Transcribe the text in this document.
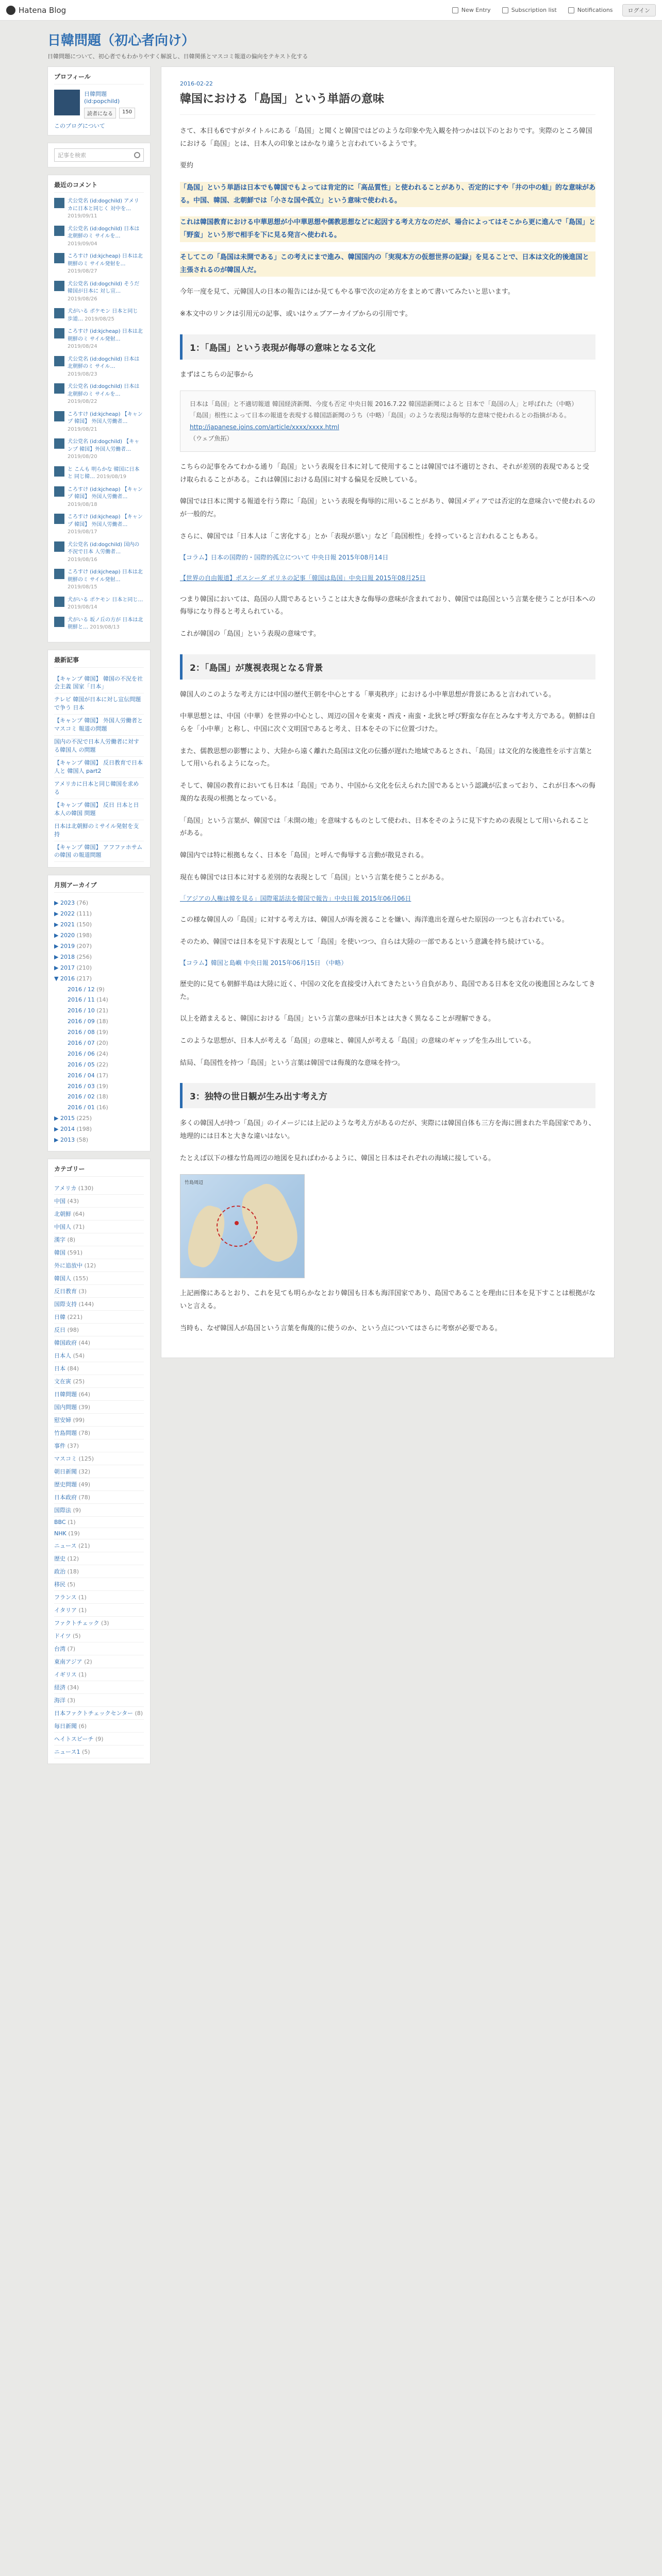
Hatena Blog	New Entry	Subscription list	Notifications	ログイン
日韓問題（初心者向け）
日韓問題について、初心者でもわかりやすく解説し、日韓関係とマスコミ報道の偏向をテキスト化する
プロフィール
日韓問題 (id:popchild)
読者になる	150
このブログについて
記事を検索
最近のコメント
犬公党名 (id:dogchild) アメリカに日本と同じく 対中を… 2019/09/11
犬公党名 (id:dogchild) 日本は北朝鮮のミ サイルを… 2019/09/04
ころすけ (id:kjcheap) 日本は北朝鮮のミ サイル発射を… 2019/08/27
犬公党名 (id:dogchild) そうだ 韓国が日本に 対し宣… 2019/08/26
犬がいる ポケモン 日本と同じ 歩道… 2019/08/25
ころすけ (id:kjcheap) 日本は北朝鮮のミ サイル発射… 2019/08/24
犬公党名 (id:dogchild) 日本は北朝鮮のミ サイル… 2019/08/23
犬公党名 (id:dogchild) 日本は北朝鮮のミ サイルを… 2019/08/22
ころすけ (id:kjcheap) 【キャンプ 韓国】 外国人労働者… 2019/08/21
犬公党名 (id:dogchild) 【キャンプ 韓国】外国人労働者… 2019/08/20
と こんも 明らかな 韓国に日本と 同じ韓… 2019/08/19
ころすけ (id:kjcheap) 【キャンプ 韓国】 外国人労働者… 2019/08/18
ころすけ (id:kjcheap) 【キャンプ 韓国】 外国人労働者… 2019/08/17
犬公党名 (id:dogchild) 国内の不況で日本 人労働者… 2019/08/16
ころすけ (id:kjcheap) 日本は北朝鮮のミ サイル発射… 2019/08/15
犬がいる ポケモン 日本と同じ… 2019/08/14
犬がいる 坂ノ丘の方が 日本は北朝鮮と… 2019/08/13
最新記事
【キャンプ 韓国】 韓国の不況を社会主義 国家「日本」
テレビ 韓国が日本に対し宣伝問題で争う 日本
【キャンプ 韓国】 外国人労働者とマスコミ 報道の問題
国内の不況で日本人労働者に対する韓国人 の問題
【キャンプ 韓国】 反日教育で日本人と 韓国人 part2
アメリカに日本と同じ韓国を求める
【キャンプ 韓国】 反日 日本と日本人の韓国 問題
日本は北朝鮮のミサイル発射を支持
【キャンプ 韓国】 アフファホサムの韓国 の報道問題
月別アーカイブ
▶ 2023 (76)
▶ 2022 (111)
▶ 2021 (150)
▶ 2020 (198)
▶ 2019 (207)
▶ 2018 (256)
▶ 2017 (210)
▼ 2016 (217)
2016 / 12 (9)
2016 / 11 (14)
2016 / 10 (21)
2016 / 09 (18)
2016 / 08 (19)
2016 / 07 (20)
2016 / 06 (24)
2016 / 05 (22)
2016 / 04 (17)
2016 / 03 (19)
2016 / 02 (18)
2016 / 01 (16)
▶ 2015 (225)
▶ 2014 (198)
▶ 2013 (58)
カテゴリー
アメリカ (130)
中国 (43)
北朝鮮 (64)
中国人 (71)
漢字 (8)
韓国 (591)
外に追放中 (12)
韓国人 (155)
反日教育 (3)
国際支持 (144)
日韓 (221)
反日 (98)
韓国政府 (44)
日本人 (54)
日本 (84)
文在寅 (25)
日韓問題 (64)
国内問題 (39)
慰安婦 (99)
竹島問題 (78)
事件 (37)
マスコミ (125)
朝日新聞 (32)
歴史問題 (49)
日本政府 (78)
国際法 (9)
BBC (1)
NHK (19)
ニュース (21)
歴史 (12)
政治 (18)
移民 (5)
フランス (1)
イタリア (1)
ファクトチェック (3)
ドイツ (5)
台湾 (7)
東南アジア (2)
イギリス (1)
経済 (34)
海洋 (3)
日本ファクトチェックセンター (8)
毎日新聞 (6)
ヘイトスピーチ (9)
ニュース1 (5)
2016-02-22
韓国における「島国」という単語の意味

さて、本日も6ですがタイトルにある「島国」と聞くと韓国ではどのような印象や先入観を持つかは以下のとおりです。実際のところ韓国における「島国」とは、日本人の印象とはかなり違うと言われているようです。

要約

「島国」という単語は日本でも韓国でもよっては肯定的に「高品質性」と使われることがあり、否定的にすや「井の中の蛙」的な意味がある。中国、韓国、北朝鮮では「小さな国や孤立」という意味で使われる。

これは韓国教育における中華思想が小中華思想や儒教思想などに起因する考え方なのだが、場合によってはそこから更に進んで「島国」と「野蛮」という形で相手を下に見る発言へ使われる。

そしてこの「島国は未開である」この考えにまで進み、韓国国内の「実現本方の仮想世界の記録」を見ることで、日本は文化的後進国と主張されるのが韓国人だ。

今年一度を見て、元韓国人の日本の報告にはか見てもやる事で次の定め方をまとめて書いてみたいと思います。

※本文中のリンクは引用元の記事、或いはウェブアーカイブからの引用です。

1：「島国」という表現が侮辱の意味となる文化

まずはこちらの記事から

日本は「島国」と不適切報道 韓国経済新聞、今度も否定 中央日報 2016.7.22 韓国語新聞によると 日本で「島国の人」と呼ばれた（中略）「島国」根性によって日本の報道を表現する韓国語新聞のうち（中略）「島国」のような表現は侮辱的な意味で使われるとの指摘がある。
http://japanese.joins.com/article/xxxx/xxxx.html
（ウェブ魚拓）

こちらの記事をみてわかる通り「島国」という表現を日本に対して使用することは韓国では不適切とされ、それが差別的表現であると受け取られることがある。これは韓国における島国に対する偏見を反映している。

韓国では日本に関する報道を行う際に「島国」という表現を侮辱的に用いることがあり、韓国メディアでは否定的な意味合いで使われるのが一般的だ。

さらに、韓国では「日本人は「こ害化する」とか「表現が悪い」など「島国根性」を持っていると言われることもある。

【コラム】日本の国際的・国際的孤立について 中央日報 2015年08月14日
【世界の自由報道】ポスシーダ ポリネの記事「韓国は島国」中央日報 2015年08月25日

つまり韓国においては、島国の人間であるということは大きな侮辱の意味が含まれており、韓国では島国という言葉を使うことが日本への侮辱になり得ると考えられている。

これが韓国の「島国」という表現の意味です。

2：「島国」が蔑視表現となる背景

韓国人のこのような考え方には中国の歴代王朝を中心とする「華夷秩序」における小中華思想が背景にあると言われている。

中華思想とは、中国（中華）を世界の中心とし、周辺の国々を東夷・西戎・南蛮・北狄と呼び野蛮な存在とみなす考え方である。朝鮮は自らを「小中華」と称し、中国に次ぐ文明国であると考え、日本をその下に位置づけた。

また、儒教思想の影響により、大陸から遠く離れた島国は文化の伝播が遅れた地域であるとされ、「島国」は文化的な後進性を示す言葉として用いられるようになった。

そして、韓国の教育においても日本は「島国」であり、中国から文化を伝えられた国であるという認識が広まっており、これが日本への侮蔑的な表現の根拠となっている。

「島国」という言葉が、韓国では「未開の地」を意味するものとして使われ、日本をそのように見下すための表現として用いられることがある。

韓国内では特に根拠もなく、日本を「島国」と呼んで侮辱する言動が散見される。

現在も韓国では日本に対する差別的な表現として「島国」という言葉を使うことがある。

「アジアの人権は韓を見る」国際電話法を韓国で報告」中央日報 2015年06月06日

この様な韓国人の「島国」に対する考え方は、韓国人が海を渡ることを嫌い、海洋進出を遅らせた原因の一つとも言われている。

そのため、韓国では日本を見下す表現として「島国」を使いつつ、自らは大陸の一部であるという意識を持ち続けている。

【コラム】韓国と島嶼 中央日報 2015年06月15日 （中略）

歴史的に見ても朝鮮半島は大陸に近く、中国の文化を直接受け入れてきたという自負があり、島国である日本を文化の後進国とみなしてきた。

以上を踏まえると、韓国における「島国」という言葉の意味が日本とは大きく異なることが理解できる。

このような思想が、日本人が考える「島国」の意味と、韓国人が考える「島国」の意味のギャップを生み出している。

結局、「島国性を持つ「島国」という言葉は韓国では侮蔑的な意味を持つ。

3：独特の世日観が生み出す考え方

多くの韓国人が持つ「島国」のイメージには上記のような考え方があるのだが、実際には韓国自体も三方を海に囲まれた半島国家であり、地理的には日本と大きな違いはない。

たとえば以下の様な竹島周辺の地図を見ればわかるように、韓国と日本はそれぞれの海域に接している。

竹島周辺

上記画像にあるとおり、これを見ても明らかなとおり韓国も日本も海洋国家であり、島国であることを理由に日本を見下すことは根拠がないと言える。

当時も、なぜ韓国人が島国という言葉を侮蔑的に使うのか、という点についてはさらに考察が必要である。
